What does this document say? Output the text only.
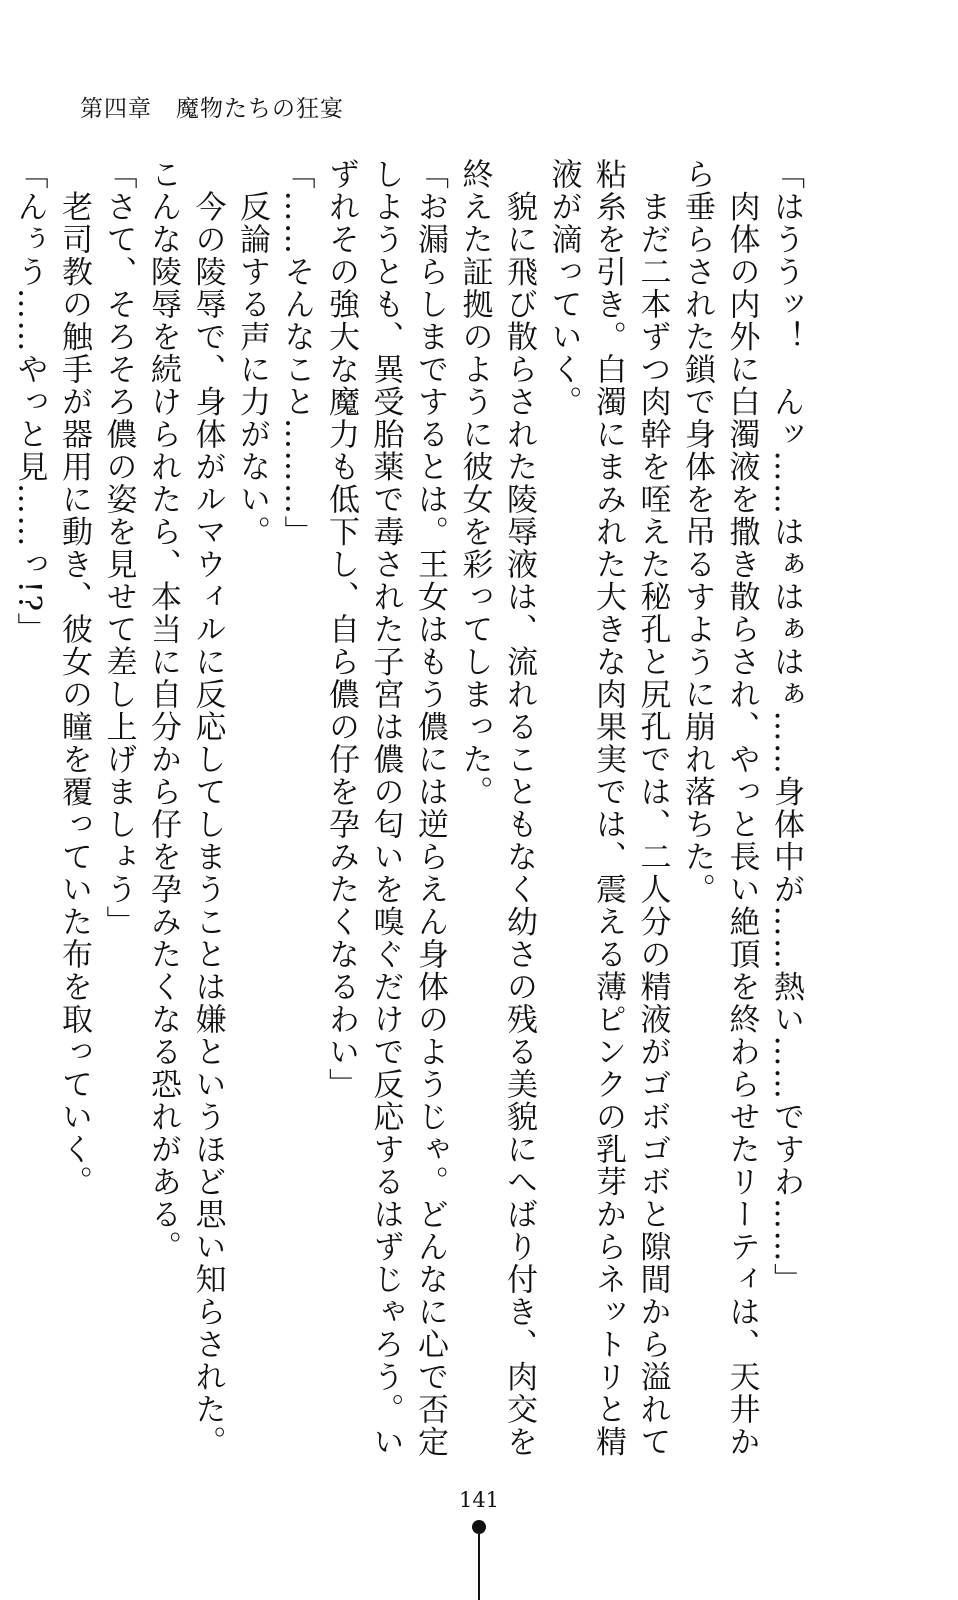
第四章　魔物たちの狂宴

「はううッ！　んッ……はぁはぁはぁ……身体中が……熱い……ですわ……」

　肉体の内外に白濁液を撒き散らされ、やっと長い絶頂を終わらせたリーティは、天井か

ら垂らされた鎖で身体を吊るすように崩れ落ちた。

　まだ二本ずつ肉幹を咥えた秘孔と尻孔では、二人分の精液がゴボゴボと隙間から溢れて

粘糸を引き。白濁にまみれた大きな肉果実では、震える薄ピンクの乳芽からネットリと精

液が滴っていく。

　貌に飛び散らされた陵辱液は、流れることもなく幼さの残る美貌にへばり付き、肉交を

終えた証拠のように彼女を彩ってしまった。

「お漏らしまでするとは。王女はもう儂には逆らえん身体のようじゃ。どんなに心で否定

しようとも、異受胎薬で毒された子宮は儂の匂いを嗅ぐだけで反応するはずじゃろう。い

ずれその強大な魔力も低下し、自ら儂の仔を孕みたくなるわい」

「……そんなこと………」

　反論する声に力がない。

　今の陵辱で、身体がルマウィルに反応してしまうことは嫌というほど思い知らされた。

こんな陵辱を続けられたら、本当に自分から仔を孕みたくなる恐れがある。

「さて、そろそろ儂の姿を見せて差し上げましょう」

　老司教の触手が器用に動き、彼女の瞳を覆っていた布を取っていく。

「んぅう……やっと見……っ!?」

141
